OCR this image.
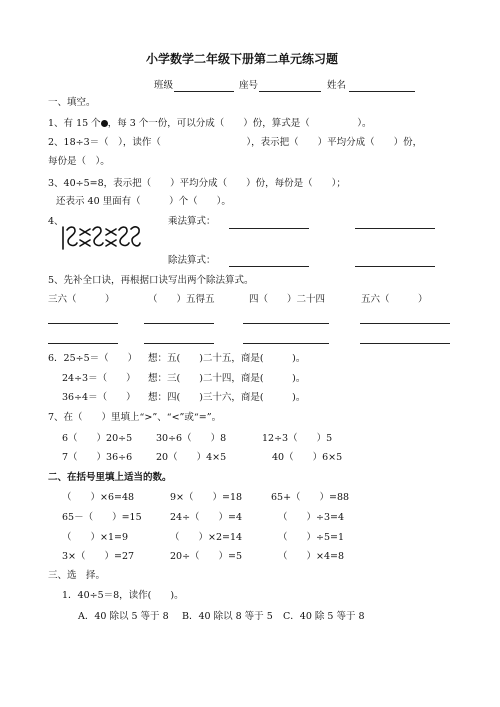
小学数学二年级下册第二单元练习题
班级	座号	姓名
一、填空。
1、有 15 个 ，每 3 个一份，可以分成（　　）份，算式是（　　　　　）。
2、18÷3＝（　），读作（　　　　　　　　　），表示把（　　）平均分成（　　）份，
每份是（　）。
3、40÷5=8，表示把（　　）平均分成（　　）份，每份是（　　）；
还表示 40 里面有（　　　）个（　　）。
4、	乘法算式：
除法算式：
5、先补全口诀，再根据口诀写出两个除法算式。
三六（　　　）	（　　）五得五	四（　　）二十四	五六（　　　）
6．25÷5＝（　　） 想：五(　　)二十五，商是(　　　)。
24÷3＝（　　） 想：三(　　)二十四，商是(　　　)。
36÷4＝（　　） 想：四(　　)三十六，商是(　　　)。
7、在（　　）里填上“>”、“<”或“=”。
6（　　）20÷5	30÷6（　　）8	12÷3（　　）5
7（　　）36÷6	20（　　）4×5	40（　　）6×5
二、在括号里填上适当的数。
（　　）×6=48	9×（　　）=18	65+（　　）=88
65－（　　）=15	24÷（　　）=4	（　　）÷3=4
（　　）×1=9	（　　）×2=14	（　　）÷5=1
3×（　　）=27	20÷（　　）=5	（　　）×4=8
三、选　择。
1．40÷5＝8，读作(　　)。
A．40 除以 5 等于 8 B．40 除以 8 等于 5 C．40 除 5 等于 8
